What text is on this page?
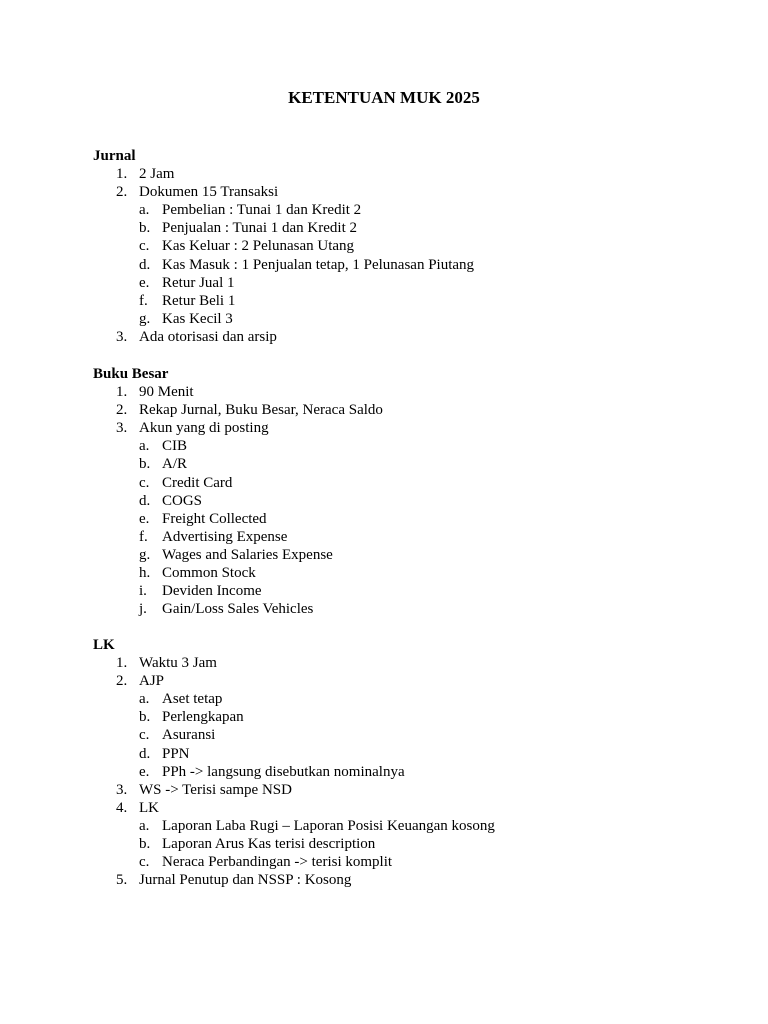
KETENTUAN MUK 2025
Jurnal
1. 2 Jam
2. Dokumen 15 Transaksi
a. Pembelian : Tunai 1 dan Kredit 2
b. Penjualan : Tunai 1 dan Kredit 2
c. Kas Keluar : 2 Pelunasan Utang
d. Kas Masuk : 1 Penjualan tetap, 1 Pelunasan Piutang
e. Retur Jual 1
f. Retur Beli 1
g. Kas Kecil 3
3. Ada otorisasi dan arsip
Buku Besar
1. 90 Menit
2. Rekap Jurnal, Buku Besar, Neraca Saldo
3. Akun yang di posting
a. CIB
b. A/R
c. Credit Card
d. COGS
e. Freight Collected
f. Advertising Expense
g. Wages and Salaries Expense
h. Common Stock
i.	Deviden Income
j.	Gain/Loss Sales Vehicles
LK
1. Waktu 3 Jam
2. AJP
a. Aset tetap
b. Perlengkapan
c. Asuransi
d. PPN
e. PPh -> langsung disebutkan nominalnya
3. WS -> Terisi sampe NSD
4. LK
a. Laporan Laba Rugi – Laporan Posisi Keuangan kosong
b. Laporan Arus Kas terisi description
c. Neraca Perbandingan -> terisi komplit
5. Jurnal Penutup dan NSSP : Kosong
